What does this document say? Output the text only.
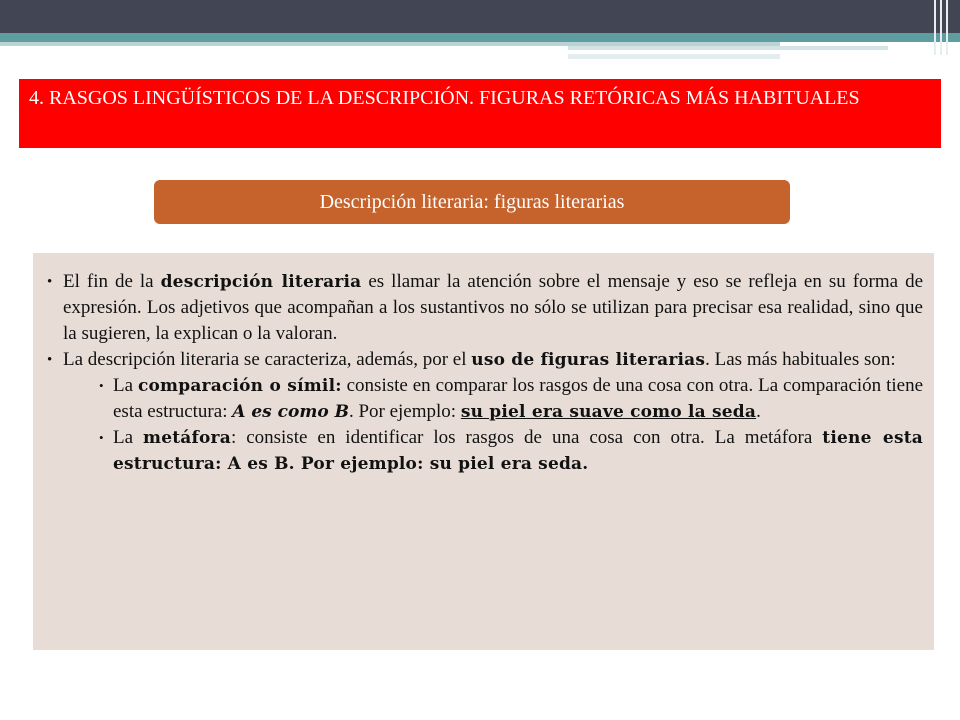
4. RASGOS LINGÜÍSTICOS DE LA DESCRIPCIÓN. FIGURAS RETÓRICAS MÁS HABITUALES
Descripción literaria: figuras literarias
• El fin de la descripción literaria es llamar la atención sobre el mensaje y eso se refleja en su forma de expresión. Los adjetivos que acompañan a los sustantivos no sólo se utilizan para precisar esa realidad, sino que la sugieren, la explican o la valoran.
• La descripción literaria se caracteriza, además, por el uso de figuras literarias. Las más habituales son:
• La comparación o símil: consiste en comparar los rasgos de una cosa con otra. La comparación tiene esta estructura: A es como B. Por ejemplo: su piel era suave como la seda.
• La metáfora: consiste en identificar los rasgos de una cosa con otra. La metáfora tiene esta estructura: A es B. Por ejemplo: su piel era seda.
